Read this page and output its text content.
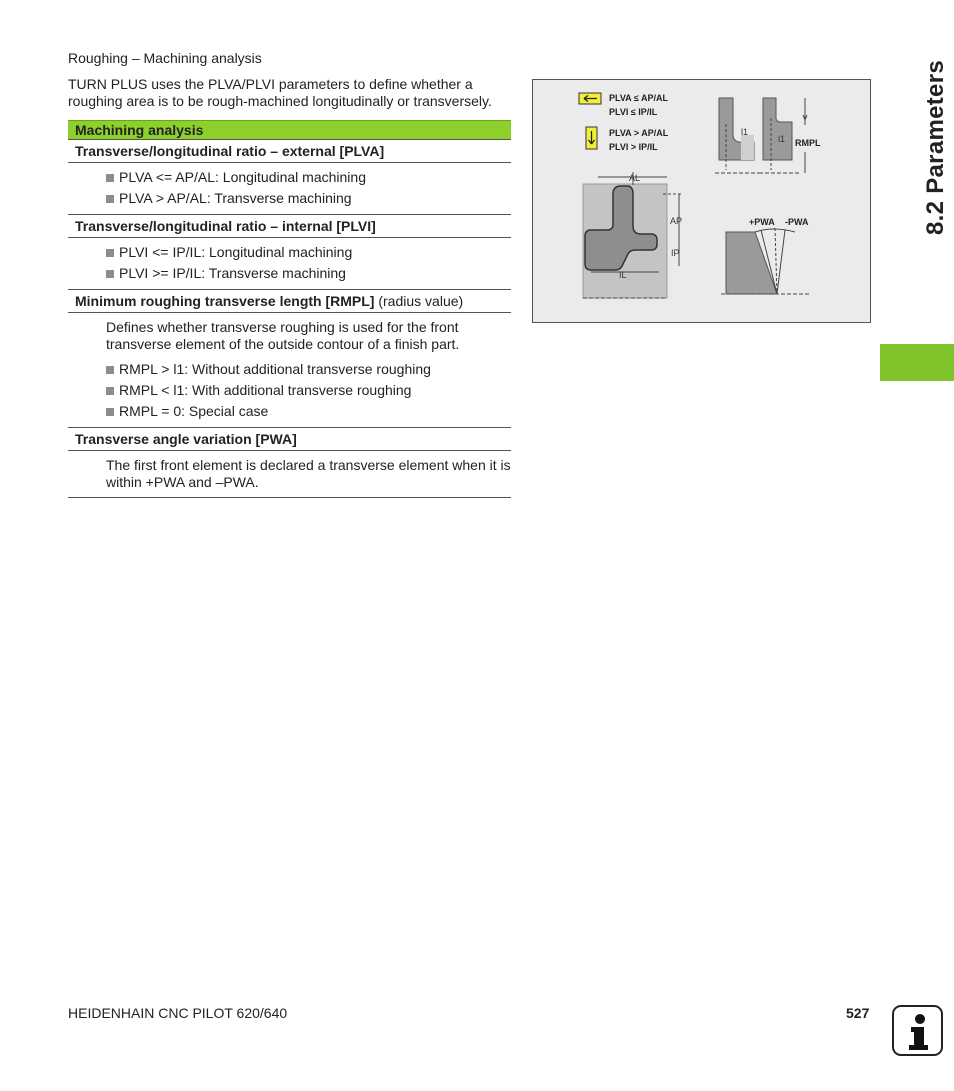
Roughing – Machining analysis
TURN PLUS uses the PLVA/PLVI parameters to define whether a roughing area is to be rough-machined longitudinally or transversely.
Machining analysis
Transverse/longitudinal ratio – external [PLVA]
PLVA <= AP/AL: Longitudinal machining
PLVA > AP/AL: Transverse machining
Transverse/longitudinal ratio – internal [PLVI]
PLVI <= IP/IL: Longitudinal machining
PLVI >= IP/IL: Transverse machining
Minimum roughing transverse length [RMPL] (radius value)
Defines whether transverse roughing is used for the front transverse element of the outside contour of a finish part.
RMPL > l1: Without additional transverse roughing
RMPL < l1: With additional transverse roughing
RMPL = 0: Special case
Transverse angle variation [PWA]
The first front element is declared a transverse element when it is within +PWA and –PWA.
PLVA ≤ AP/AL
PLVI ≤ IP/IL
PLVA > AP/AL
PLVI > IP/IL
l1
l1 RMPL
AL
AP
IP
IL
+PWA -PWA	8.2 Parameters
HEIDENHAIN CNC PILOT 620/640	527
